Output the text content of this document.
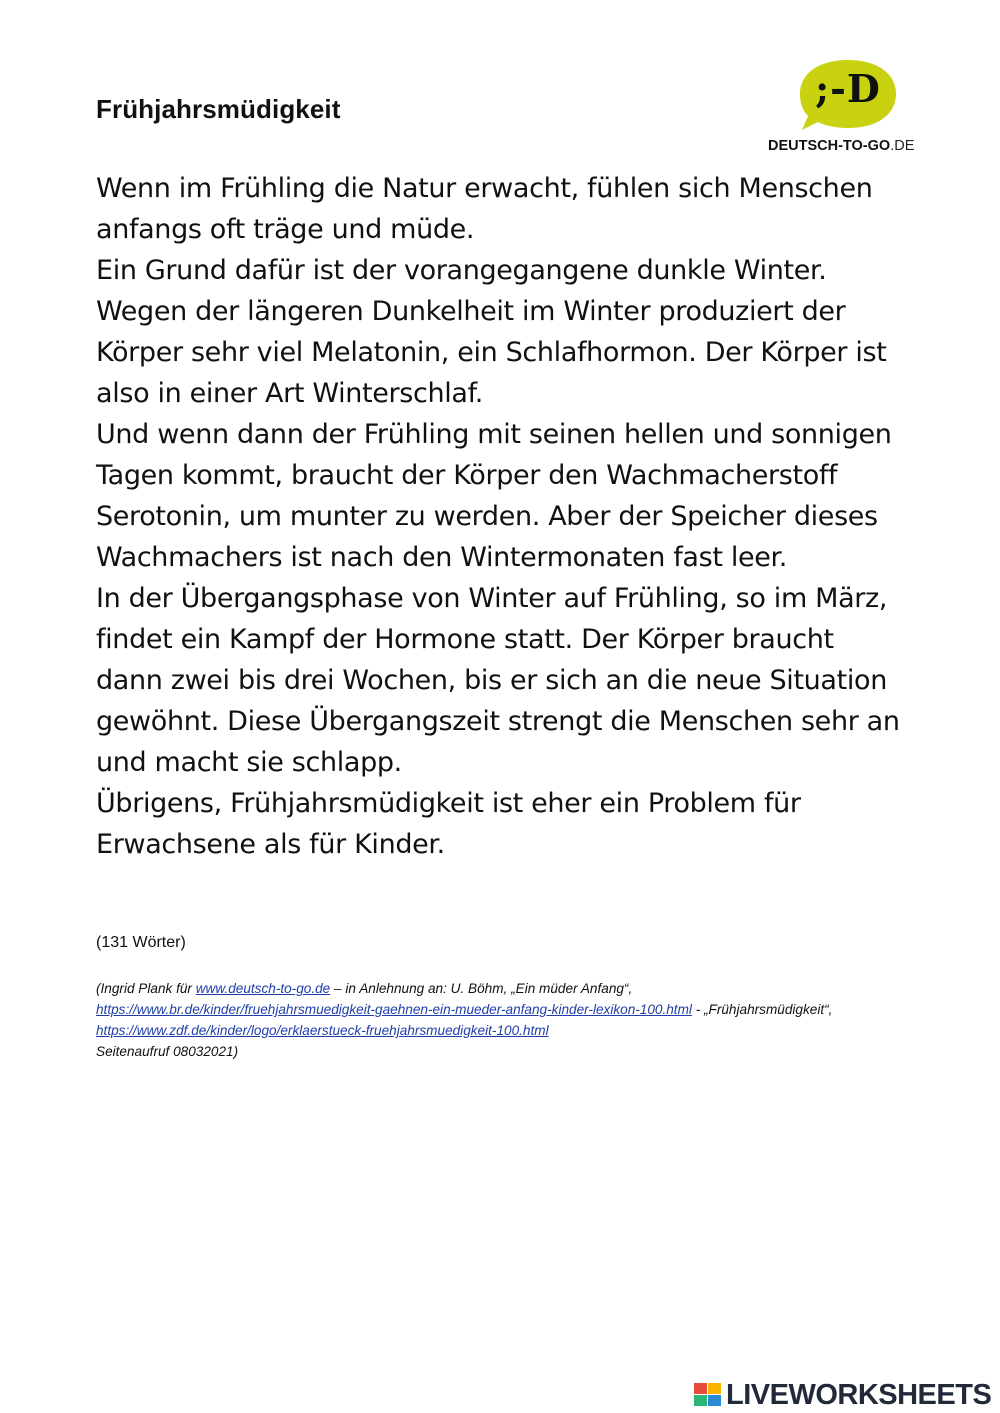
Frühjahrsmüdigkeit	;-D
DEUTSCH-TO-GO.DE

Wenn im Frühling die Natur erwacht, fühlen sich Menschen anfangs oft träge und müde.

Ein Grund dafür ist der vorangegangene dunkle Winter. Wegen der längeren Dunkelheit im Winter produziert der Körper sehr viel Melatonin, ein Schlafhormon. Der Körper ist also in einer Art Winterschlaf.

Und wenn dann der Frühling mit seinen hellen und sonnigen Tagen kommt, braucht der Körper den Wachmacherstoff Serotonin, um munter zu werden. Aber der Speicher dieses Wachmachers ist nach den Wintermonaten fast leer.

In der Übergangsphase von Winter auf Frühling, so im März, findet ein Kampf der Hormone statt. Der Körper braucht dann zwei bis drei Wochen, bis er sich an die neue Situation gewöhnt. Diese Übergangszeit strengt die Menschen sehr an und macht sie schlapp.

Übrigens, Frühjahrsmüdigkeit ist eher ein Problem für Erwachsene als für Kinder.

(131 Wörter)
(Ingrid Plank für www.deutsch-to-go.de – in Anlehnung an: U. Böhm, „Ein müder Anfang“,
https://www.br.de/kinder/fruehjahrsmuedigkeit-gaehnen-ein-mueder-anfang-kinder-lexikon-100.html - „Frühjahrsmüdigkeit“, https://www.zdf.de/kinder/logo/erklaerstueck-fruehjahrsmuedigkeit-100.html
Seitenaufruf 08032021)
LIVEWORKSHEETS
